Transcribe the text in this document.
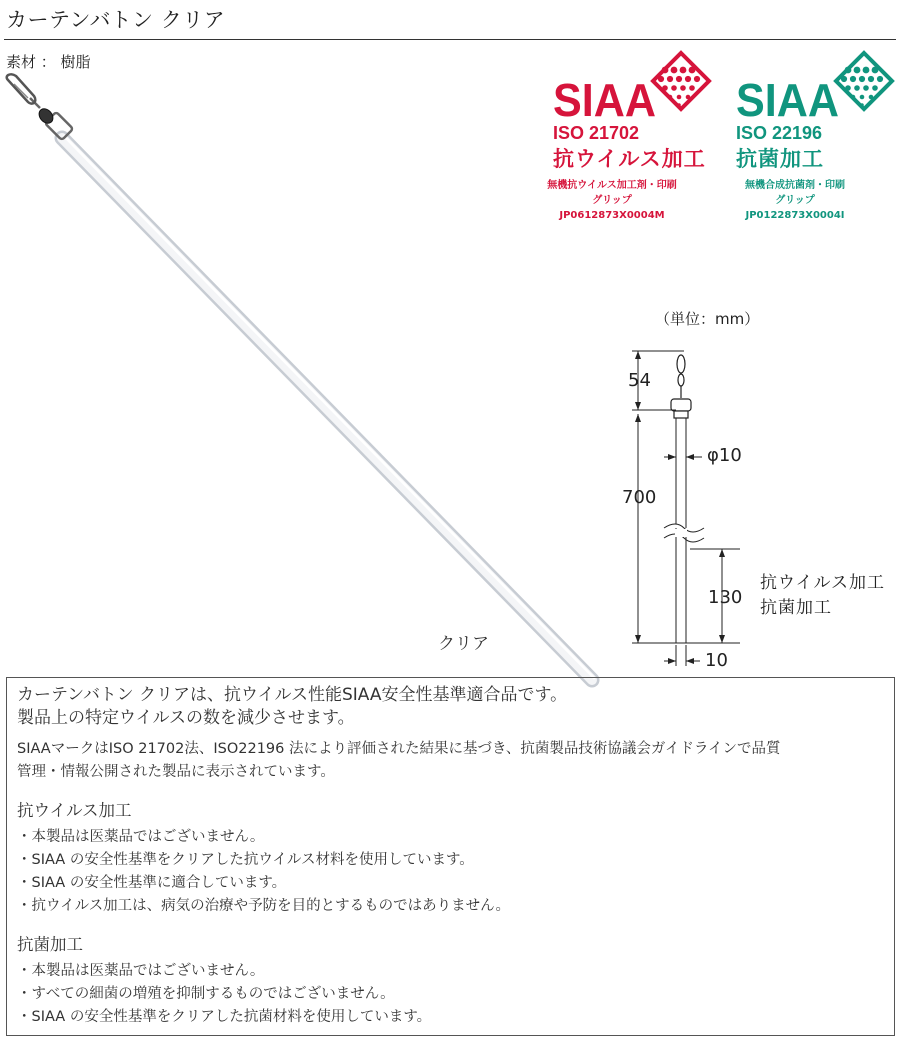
カーテンバトン クリア
素材 ： 樹脂
クリア
SIAA
ISO 21702
抗ウイルス加工
無機抗ウイルス加工剤・印刷
グリップ
JP0612873X0004M
SIAA
ISO 22196
抗菌加工
無機合成抗菌剤・印刷
グリップ
JP0122873X0004I
（単位：mm）
54
φ10
700
130
10
抗ウイルス加工
抗菌加工
カーテンバトン クリアは、抗ウイルス性能SIAA安全性基準適合品です。
製品上の特定ウイルスの数を減少させます。
SIAAマークはISO 21702法、ISO22196 法により評価された結果に基づき、抗菌製品技術協議会ガイドラインで品質
管理・情報公開された製品に表示されています。
抗ウイルス加工
・本製品は医薬品ではございません。
・SIAA の安全性基準をクリアした抗ウイルス材料を使用しています。
・SIAA の安全性基準に適合しています。
・抗ウイルス加工は、病気の治療や予防を目的とするものではありません。
抗菌加工
・本製品は医薬品ではございません。
・すべての細菌の増殖を抑制するものではございません。
・SIAA の安全性基準をクリアした抗菌材料を使用しています。
